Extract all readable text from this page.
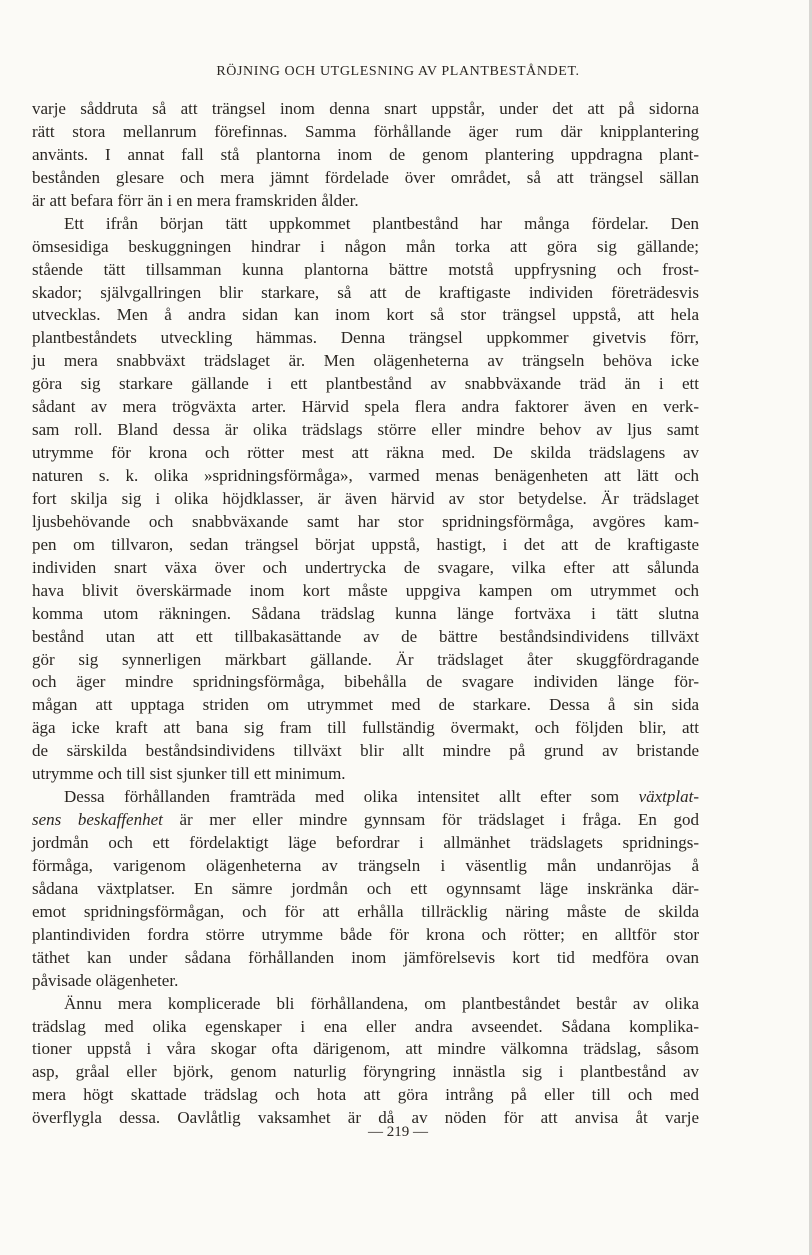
RÖJNING OCH UTGLESNING AV PLANTBESTÅNDET.
varje såddruta så att trängsel inom denna snart uppstår, under det att på sidorna
rätt stora mellanrum förefinnas. Samma förhållande äger rum där knipplantering
använts. I annat fall stå plantorna inom de genom plantering uppdragna plant-
bestånden glesare och mera jämnt fördelade över området, så att trängsel sällan
är att befara förr än i en mera framskriden ålder.
Ett ifrån början tätt uppkommet plantbestånd har många fördelar. Den
ömsesidiga beskuggningen hindrar i någon mån torka att göra sig gällande;
stående tätt tillsamman kunna plantorna bättre motstå uppfrysning och frost-
skador; självgallringen blir starkare, så att de kraftigaste individen företrädesvis
utvecklas. Men å andra sidan kan inom kort så stor trängsel uppstå, att hela
plantbeståndets utveckling hämmas. Denna trängsel uppkommer givetvis förr,
ju mera snabbväxt trädslaget är. Men olägenheterna av trängseln behöva icke
göra sig starkare gällande i ett plantbestånd av snabbväxande träd än i ett
sådant av mera trögväxta arter. Härvid spela flera andra faktorer även en verk-
sam roll. Bland dessa är olika trädslags större eller mindre behov av ljus samt
utrymme för krona och rötter mest att räkna med. De skilda trädslagens av
naturen s. k. olika »spridningsförmåga», varmed menas benägenheten att lätt och
fort skilja sig i olika höjdklasser, är även härvid av stor betydelse. Är trädslaget
ljusbehövande och snabbväxande samt har stor spridningsförmåga, avgöres kam-
pen om tillvaron, sedan trängsel börjat uppstå, hastigt, i det att de kraftigaste
individen snart växa över och undertrycka de svagare, vilka efter att sålunda
hava blivit överskärmade inom kort måste uppgiva kampen om utrymmet och
komma utom räkningen. Sådana trädslag kunna länge fortväxa i tätt slutna
bestånd utan att ett tillbakasättande av de bättre beståndsindividens tillväxt
gör sig synnerligen märkbart gällande. Är trädslaget åter skuggfördragande
och äger mindre spridningsförmåga, bibehålla de svagare individen länge för-
mågan att upptaga striden om utrymmet med de starkare. Dessa å sin sida
äga icke kraft att bana sig fram till fullständig övermakt, och följden blir, att
de särskilda beståndsindividens tillväxt blir allt mindre på grund av bristande
utrymme och till sist sjunker till ett minimum.
Dessa förhållanden framträda med olika intensitet allt efter som växtplat-
sens beskaffenhet är mer eller mindre gynnsam för trädslaget i fråga. En god
jordmån och ett fördelaktigt läge befordrar i allmänhet trädslagets spridnings-
förmåga, varigenom olägenheterna av trängseln i väsentlig mån undanröjas å
sådana växtplatser. En sämre jordmån och ett ogynnsamt läge inskränka där-
emot spridningsförmågan, och för att erhålla tillräcklig näring måste de skilda
plantindividen fordra större utrymme både för krona och rötter; en alltför stor
täthet kan under sådana förhållanden inom jämförelsevis kort tid medföra ovan
påvisade olägenheter.
Ännu mera komplicerade bli förhållandena, om plantbeståndet består av olika
trädslag med olika egenskaper i ena eller andra avseendet. Sådana komplika-
tioner uppstå i våra skogar ofta därigenom, att mindre välkomna trädslag, såsom
asp, gråal eller björk, genom naturlig föryngring innästla sig i plantbestånd av
mera högt skattade trädslag och hota att göra intrång på eller till och med
överflygla dessa. Oavlåtlig vaksamhet är då av nöden för att anvisa åt varje
— 219 —
